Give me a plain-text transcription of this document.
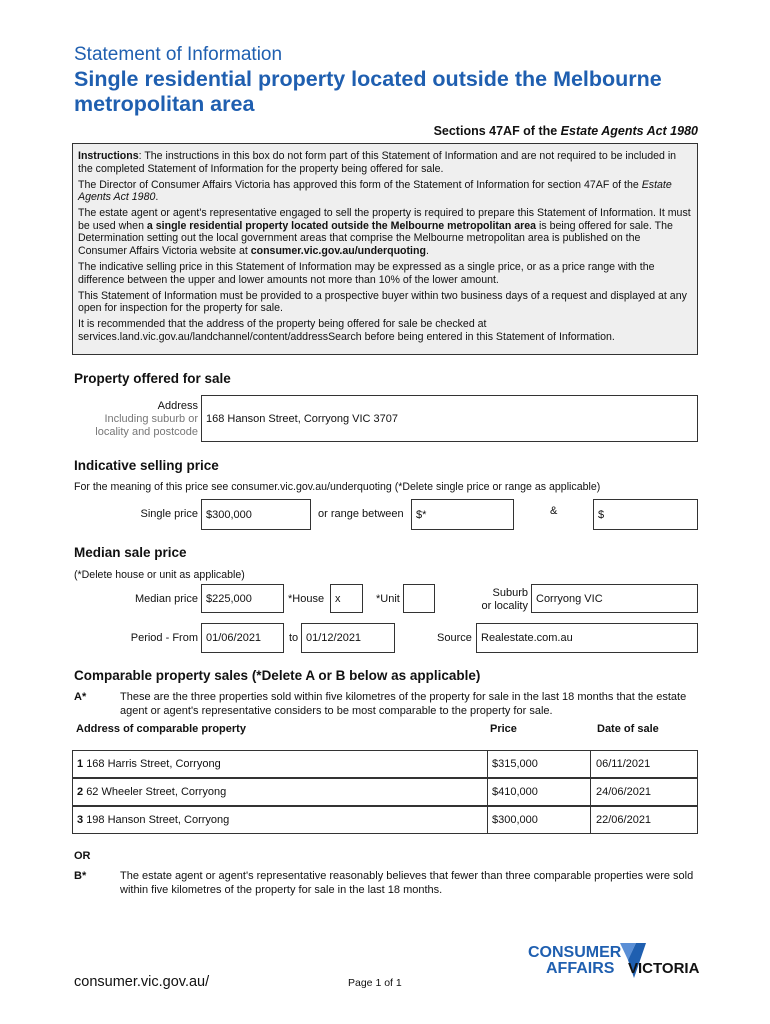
Statement of Information
Single residential property located outside the Melbourne metropolitan area
Sections 47AF of the Estate Agents Act 1980

Instructions: The instructions in this box do not form part of this Statement of Information and are not required to be included in the completed Statement of Information for the property being offered for sale.

The Director of Consumer Affairs Victoria has approved this form of the Statement of Information for section 47AF of the Estate Agents Act 1980.

The estate agent or agent's representative engaged to sell the property is required to prepare this Statement of Information. It must be used when a single residential property located outside the Melbourne metropolitan area is being offered for sale. The Determination setting out the local government areas that comprise the Melbourne metropolitan area is published on the Consumer Affairs Victoria website at consumer.vic.gov.au/underquoting.

The indicative selling price in this Statement of Information may be expressed as a single price, or as a price range with the difference between the upper and lower amounts not more than 10% of the lower amount.

This Statement of Information must be provided to a prospective buyer within two business days of a request and displayed at any open for inspection for the property for sale.

It is recommended that the address of the property being offered for sale be checked at services.land.vic.gov.au/landchannel/content/addressSearch before being entered in this Statement of Information.

Property offered for sale
Address
Including suburb or
locality and postcode
168 Hanson Street, Corryong VIC 3707
Indicative selling price
For the meaning of this price see consumer.vic.gov.au/underquoting (*Delete single price or range as applicable)
Single price $300,000	or range between	$*	&	$
Median sale price
(*Delete house or unit as applicable)
Median price $225,000	*House x	*Unit	Suburb
or locality
Corryong VIC
Period - From 01/06/2021	to 01/12/2021	Source Realestate.com.au
Comparable property sales (*Delete A or B below as applicable)
A*	These are the three properties sold within five kilometres of the property for sale in the last 18 months that the estate agent or agent's representative considers to be most comparable to the property for sale.
Address of comparable property	Price	Date of sale
1
168 Harris Street, Corryong	$315,000	06/11/2021
2
62 Wheeler Street, Corryong	$410,000	24/06/2021
3
198 Hanson Street, Corryong	$300,000	22/06/2021
OR
B*	The estate agent or agent's representative reasonably believes that fewer than three comparable properties were sold within five kilometres of the property for sale in the last 18 months.
CONSUMER
AFFAIRS VICTORIA
consumer.vic.gov.au/	Page 1 of 1
